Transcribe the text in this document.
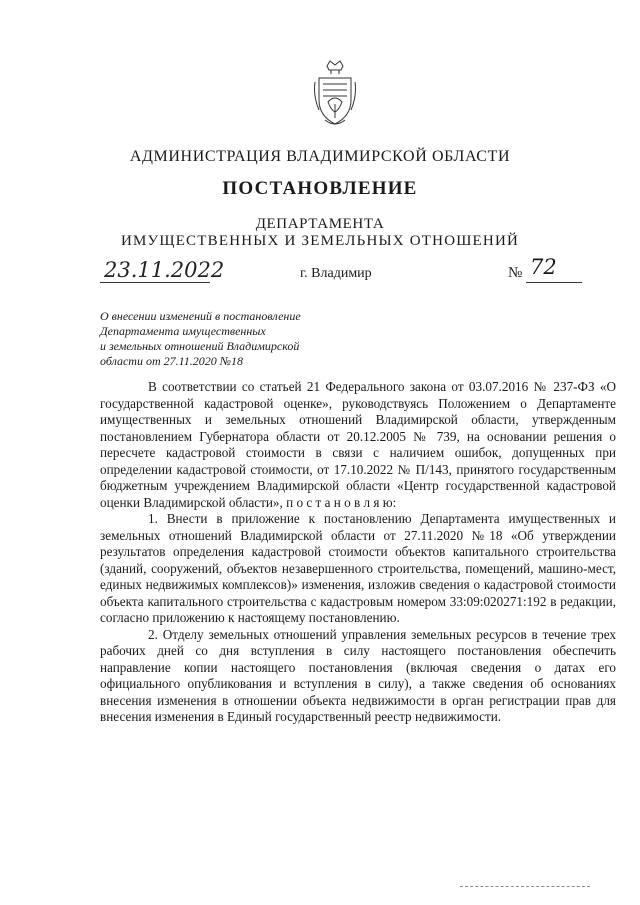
АДМИНИСТРАЦИЯ ВЛАДИМИРСКОЙ ОБЛАСТИ
ПОСТАНОВЛЕНИЕ
ДЕПАРТАМЕНТА
ИМУЩЕСТВЕННЫХ И ЗЕМЕЛЬНЫХ ОТНОШЕНИЙ
23.11.2022	г. Владимир	№ 72
О внесении изменений в постановление
Департамента имущественных
и земельных отношений Владимирской
области от 27.11.2020 №18

В соответствии со статьей 21 Федерального закона от 03.07.2016 № 237-ФЗ «О государственной кадастровой оценке», руководствуясь Положением о Департаменте имущественных и земельных отношений Владимирской области, утвержденным постановлением Губернатора области от 20.12.2005 № 739, на основании решения о пересчете кадастровой стоимости в связи с наличием ошибок, допущенных при определении кадастровой стоимости, от 17.10.2022 № П/143, принятого государственным бюджетным учреждением Владимирской области «Центр государственной кадастровой оценки Владимирской области», п о с т а н о в л я ю:

1. Внести в приложение к постановлению Департамента имущественных и земельных отношений Владимирской области от 27.11.2020 №18 «Об утверждении результатов определения кадастровой стоимости объектов капитального строительства (зданий, сооружений, объектов незавершенного строительства, помещений, машино-мест, единых недвижимых комплексов)» изменения, изложив сведения о кадастровой стоимости объекта капитального строительства с кадастровым номером 33:09:020271:192 в редакции, согласно приложению к настоящему постановлению.

2. Отделу земельных отношений управления земельных ресурсов в течение трех рабочих дней со дня вступления в силу настоящего постановления обеспечить направление копии настоящего постановления (включая сведения о датах его официального опубликования и вступления в силу), а также сведения об основаниях внесения изменения в отношении объекта недвижимости в орган регистрации прав для внесения изменения в Единый государственный реестр недвижимости.
